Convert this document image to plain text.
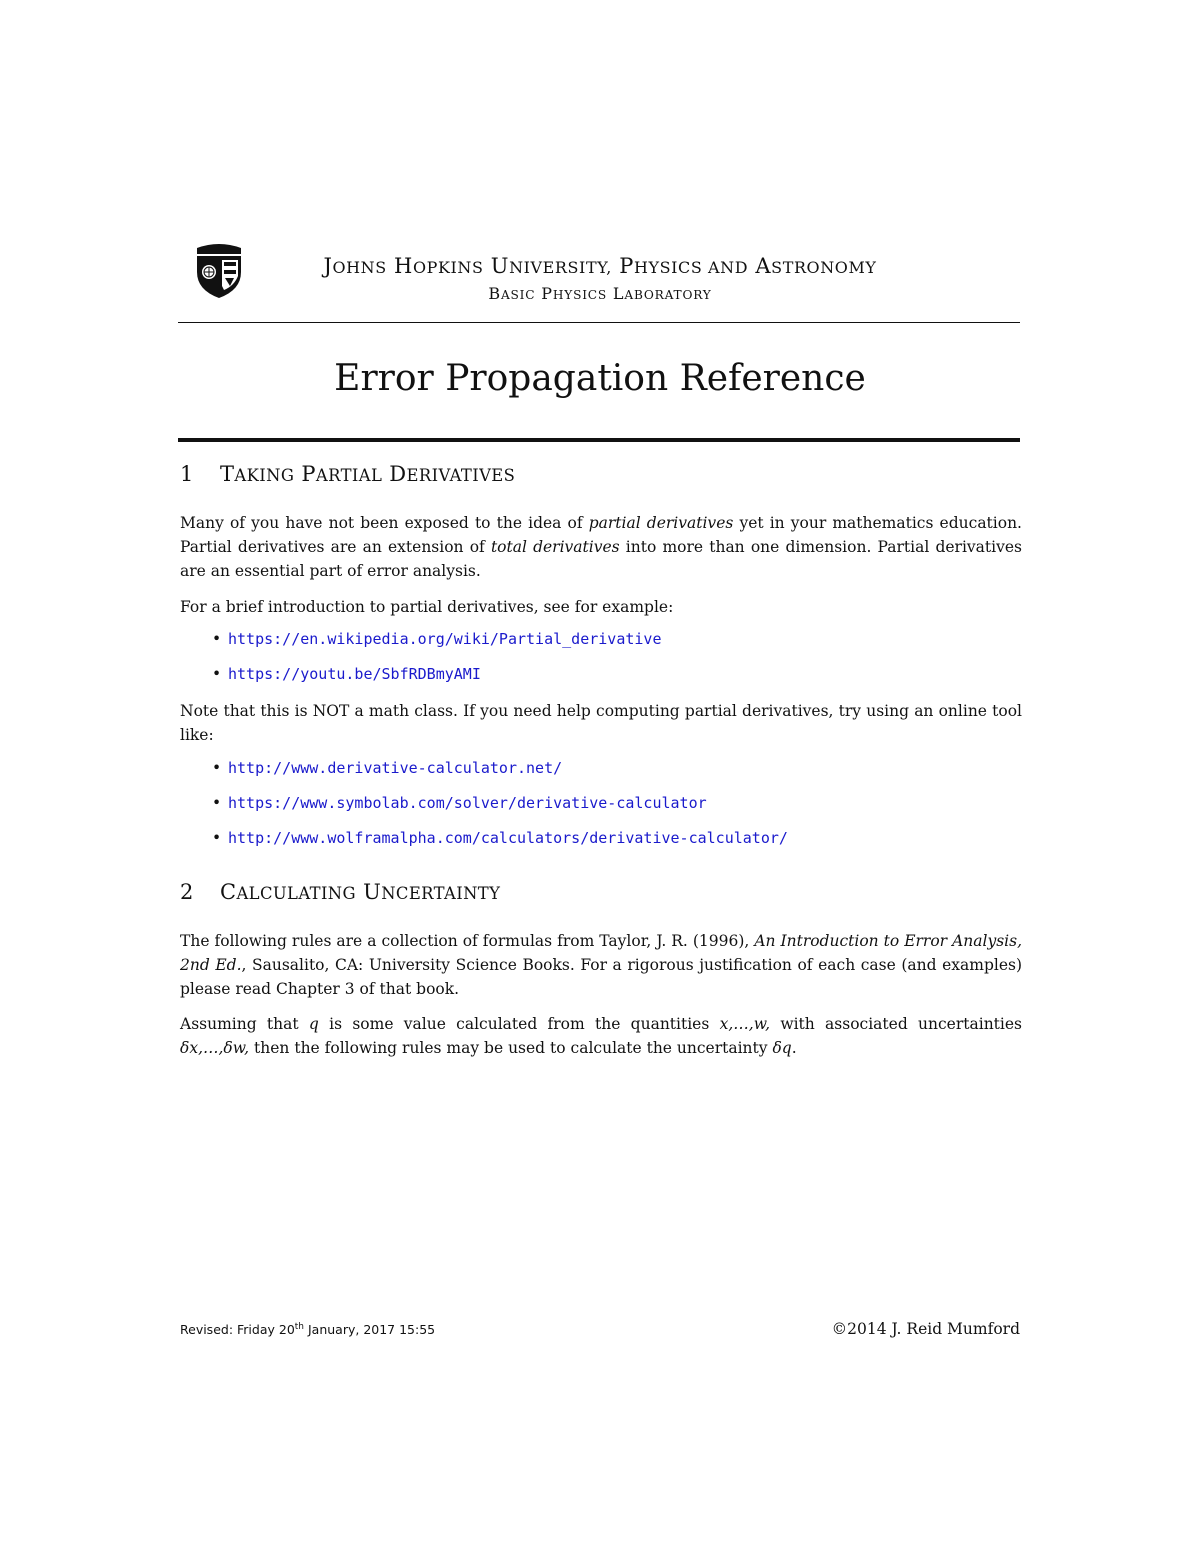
JOHNS HOPKINS UNIVERSITY, PHYSICS AND ASTRONOMY
BASIC PHYSICS LABORATORY
Error Propagation Reference
1 TAKING PARTIAL DERIVATIVES
Many of you have not been exposed to the idea of partial derivatives yet in your mathematics education. Partial derivatives are an extension of total derivatives into more than one dimension. Partial derivatives are an essential part of error analysis.
For a brief introduction to partial derivatives, see for example:
• https://en.wikipedia.org/wiki/Partial_derivative
• https://youtu.be/SbfRDBmyAMI
Note that this is NOT a math class. If you need help computing partial derivatives, try using an online tool like:
• http://www.derivative-calculator.net/
• https://www.symbolab.com/solver/derivative-calculator
• http://www.wolframalpha.com/calculators/derivative-calculator/
2 CALCULATING UNCERTAINTY
The following rules are a collection of formulas from Taylor, J. R. (1996), An Introduction to Error Analysis, 2nd Ed., Sausalito, CA: University Science Books. For a rigorous justification of each case (and examples) please read Chapter 3 of that book.
Assuming that q is some value calculated from the quantities x,…,w, with associated uncertainties δx,…,δw, then the following rules may be used to calculate the uncertainty δq.
Revised: Friday 20th January, 2017 15:55	©2014 J. Reid Mumford
